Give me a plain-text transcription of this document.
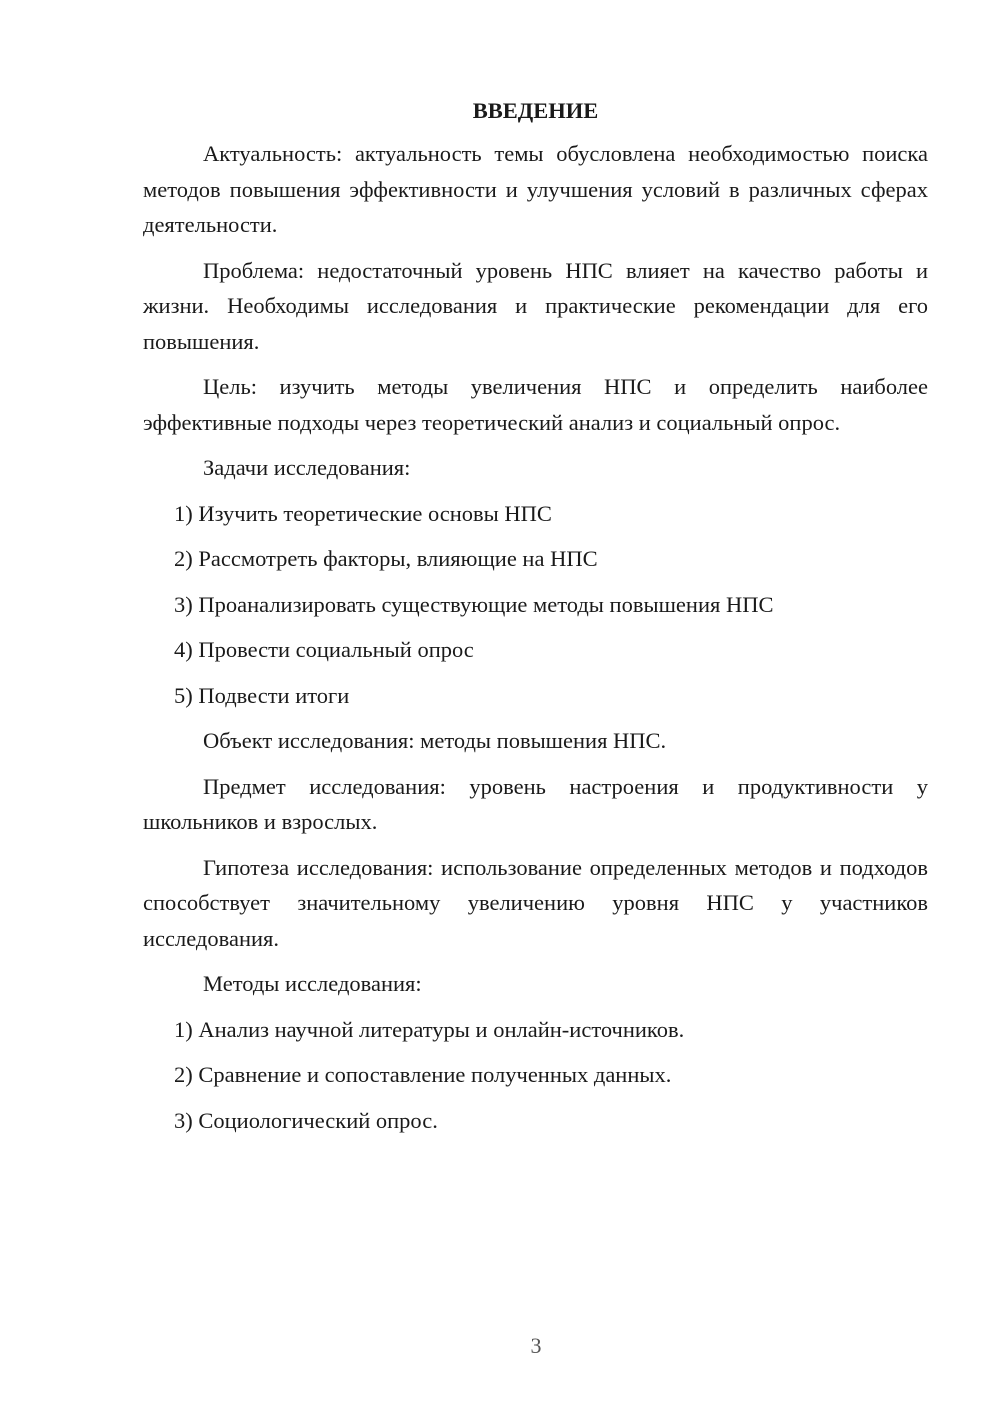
ВВЕДЕНИЕ

Актуальность: актуальность темы обусловлена необходимостью поиска методов повышения эффективности и улучшения условий в различных сферах деятельности.

Проблема: недостаточный уровень НПС влияет на качество работы и жизни. Необходимы исследования и практические рекомендации для его повышения.

Цель: изучить методы увеличения НПС и определить наиболее эффективные подходы через теоретический анализ и социальный опрос.

Задачи исследования:

1) Изучить теоретические основы НПС

2) Рассмотреть факторы, влияющие на НПС

3) Проанализировать существующие методы повышения НПС

4) Провести социальный опрос

5) Подвести итоги

Объект исследования: методы повышения НПС.

Предмет исследования: уровень настроения и продуктивности у школьников и взрослых.

Гипотеза исследования: использование определенных методов и подходов способствует значительному увеличению уровня НПС у участников исследования.

Методы исследования:

1) Анализ научной литературы и онлайн-источников.

2) Сравнение и сопоставление полученных данных.

3) Социологический опрос.

3
